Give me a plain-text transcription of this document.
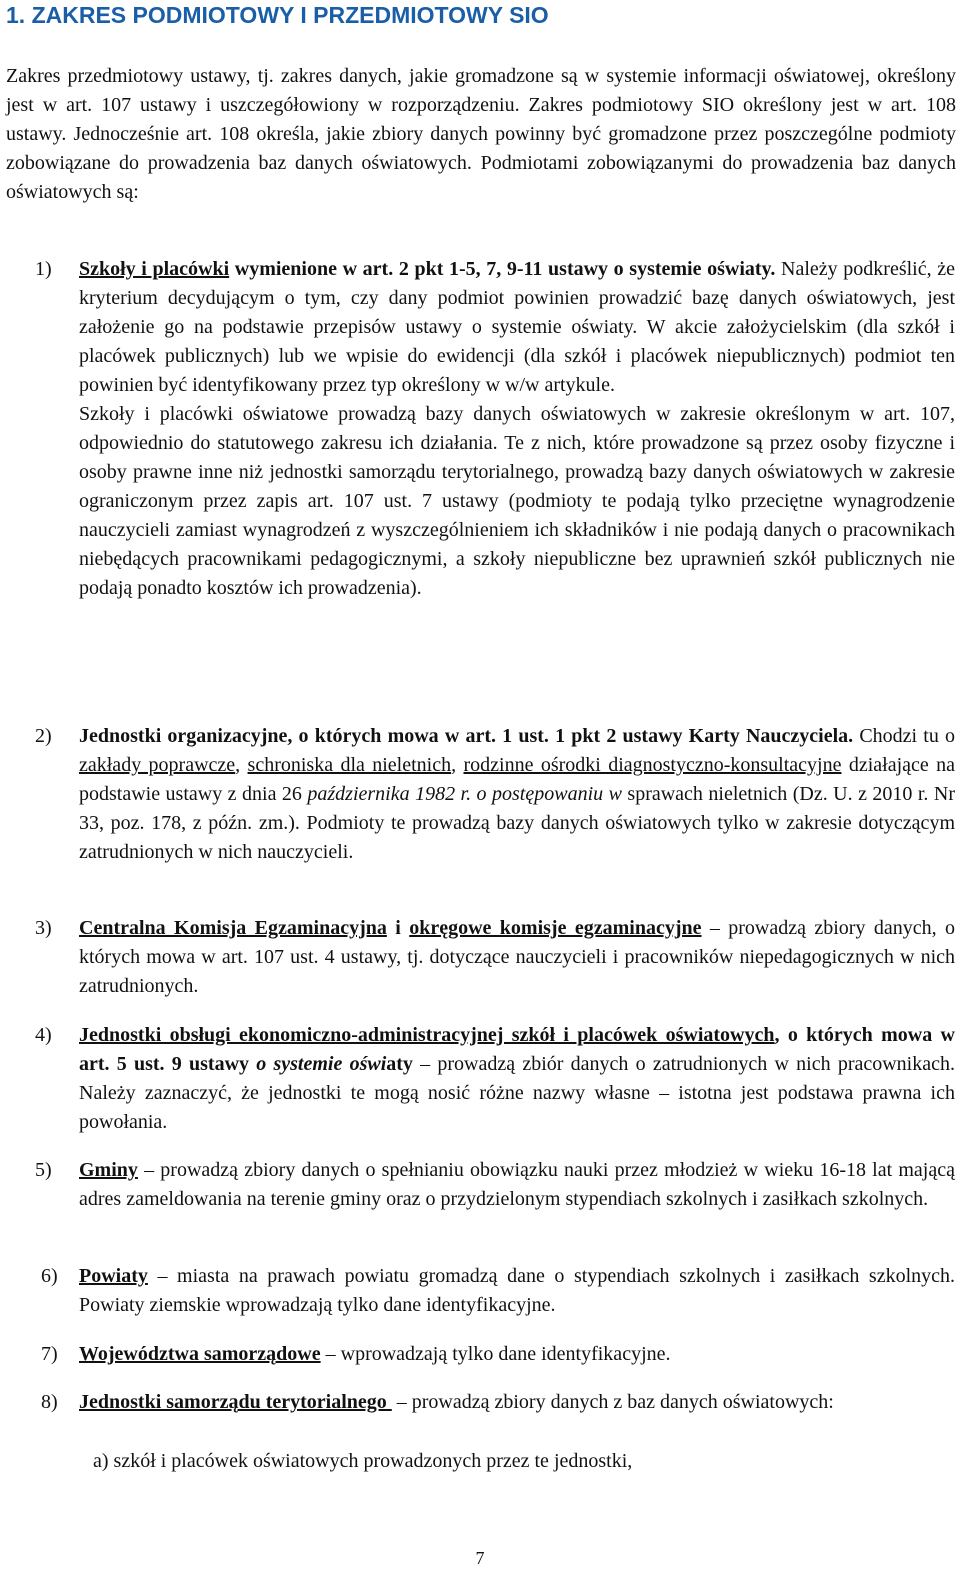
1. ZAKRES PODMIOTOWY I PRZEDMIOTOWY SIO

Zakres przedmiotowy ustawy, tj. zakres danych, jakie gromadzone są w systemie informacji oświatowej, określony jest w art. 107 ustawy i uszczegółowiony w rozporządzeniu. Zakres podmiotowy SIO określony jest w art. 108 ustawy. Jednocześnie art. 108 określa, jakie zbiory danych powinny być gromadzone przez poszczególne podmioty zobowiązane do prowadzenia baz danych oświatowych. Podmiotami zobowiązanymi do prowadzenia baz danych oświatowych są:

1) Szkoły i placówki wymienione w art. 2 pkt 1-5, 7, 9-11 ustawy o systemie oświaty. Należy podkreślić, że kryterium decydującym o tym, czy dany podmiot powinien prowadzić bazę danych oświatowych, jest założenie go na podstawie przepisów ustawy o systemie oświaty. W akcie założycielskim (dla szkół i placówek publicznych) lub we wpisie do ewidencji (dla szkół i placówek niepublicznych) podmiot ten powinien być identyfikowany przez typ określony w w/w artykule.
Szkoły i placówki oświatowe prowadzą bazy danych oświatowych w zakresie określonym w art. 107, odpowiednio do statutowego zakresu ich działania. Te z nich, które prowadzone są przez osoby fizyczne i osoby prawne inne niż jednostki samorządu terytorialnego, prowadzą bazy danych oświatowych w zakresie ograniczonym przez zapis art. 107 ust. 7 ustawy (podmioty te podają tylko przeciętne wynagrodzenie nauczycieli zamiast wynagrodzeń z wyszczególnieniem ich składników i nie podają danych o pracownikach niebędących pracownikami pedagogicznymi, a szkoły niepubliczne bez uprawnień szkół publicznych nie podają ponadto kosztów ich prowadzenia).
2) Jednostki organizacyjne, o których mowa w art. 1 ust. 1 pkt 2 ustawy Karty Nauczyciela. Chodzi tu o zakłady poprawcze, schroniska dla nieletnich, rodzinne ośrodki diagnostyczno-konsultacyjne działające na podstawie ustawy z dnia 26 października 1982 r. o postępowaniu w sprawach nieletnich (Dz. U. z 2010 r. Nr 33, poz. 178, z późn. zm.). Podmioty te prowadzą bazy danych oświatowych tylko w zakresie dotyczącym zatrudnionych w nich nauczycieli.
3) Centralna Komisja Egzaminacyjna i okręgowe komisje egzaminacyjne – prowadzą zbiory danych, o których mowa w art. 107 ust. 4 ustawy, tj. dotyczące nauczycieli i pracowników niepedagogicznych w nich zatrudnionych.
4) Jednostki obsługi ekonomiczno-administracyjnej szkół i placówek oświatowych, o których mowa w art. 5 ust. 9 ustawy o systemie oświaty – prowadzą zbiór danych o zatrudnionych w nich pracownikach. Należy zaznaczyć, że jednostki te mogą nosić różne nazwy własne – istotna jest podstawa prawna ich powołania.
5) Gminy – prowadzą zbiory danych o spełnianiu obowiązku nauki przez młodzież w wieku 16-18 lat mającą adres zameldowania na terenie gminy oraz o przydzielonym stypendiach szkolnych i zasiłkach szkolnych.
6) Powiaty – miasta na prawach powiatu gromadzą dane o stypendiach szkolnych i zasiłkach szkolnych. Powiaty ziemskie wprowadzają tylko dane identyfikacyjne.
7) Województwa samorządowe – wprowadzają tylko dane identyfikacyjne.
8) Jednostki samorządu terytorialnego  – prowadzą zbiory danych z baz danych oświatowych:
a) szkół i placówek oświatowych prowadzonych przez te jednostki,
7
